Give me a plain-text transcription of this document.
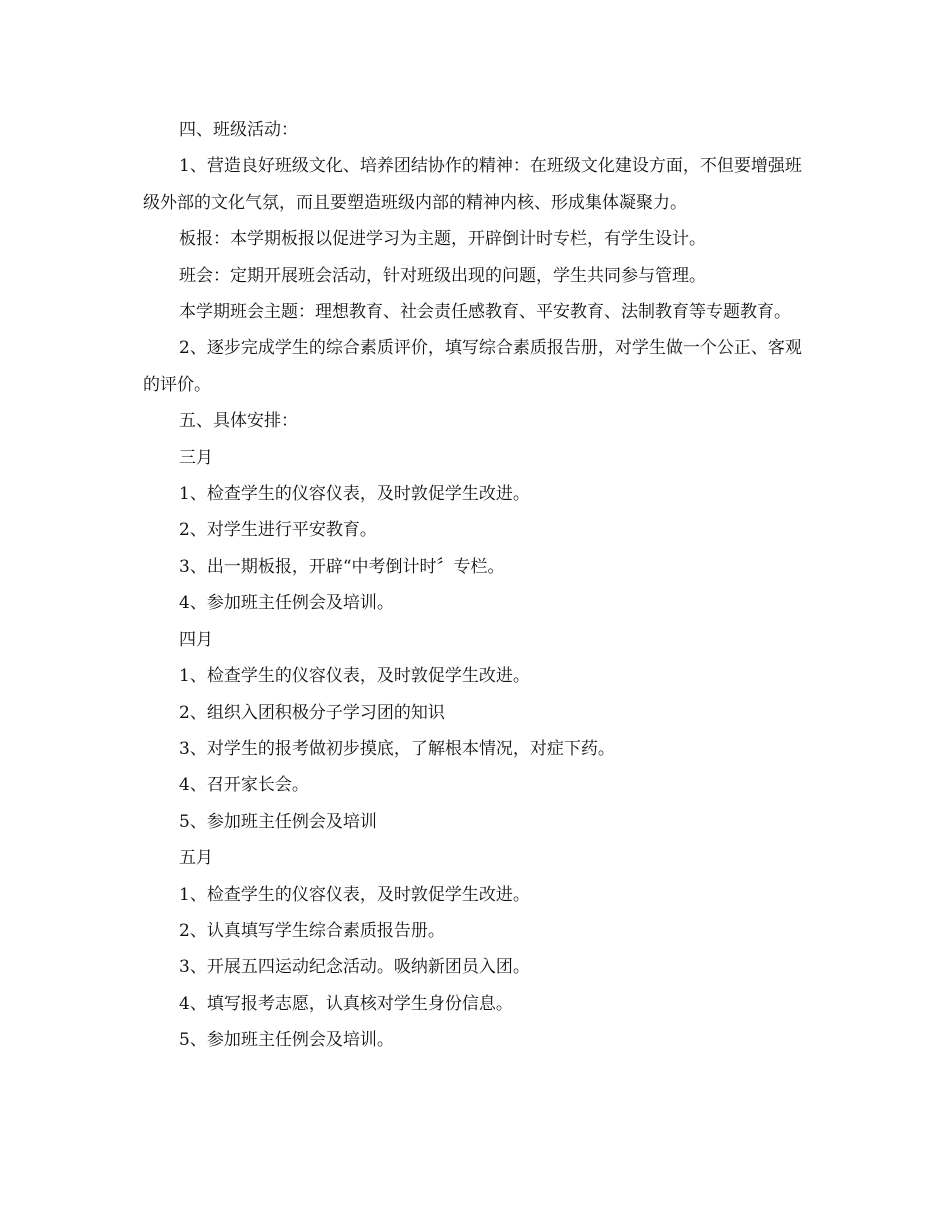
四、班级活动：

1、营造良好班级文化、培养团结协作的精神：在班级文化建设方面，不但要增强班级外部的文化气氛，而且要塑造班级内部的精神内核、形成集体凝聚力。

板报：本学期板报以促进学习为主题，开辟倒计时专栏，有学生设计。

班会：定期开展班会活动，针对班级出现的问题，学生共同参与管理。

本学期班会主题：理想教育、社会责任感教育、平安教育、法制教育等专题教育。

2、逐步完成学生的综合素质评价，填写综合素质报告册，对学生做一个公正、客观的评价。

五、具体安排：

三月

1、检查学生的仪容仪表，及时敦促学生改进。

2、对学生进行平安教育。

3、出一期板报，开辟“中考倒计时〞专栏。

4、参加班主任例会及培训。

四月

1、检查学生的仪容仪表，及时敦促学生改进。

2、组织入团积极分子学习团的知识

3、对学生的报考做初步摸底，了解根本情况，对症下药。

4、召开家长会。

5、参加班主任例会及培训

五月

1、检查学生的仪容仪表，及时敦促学生改进。

2、认真填写学生综合素质报告册。

3、开展五四运动纪念活动。吸纳新团员入团。

4、填写报考志愿，认真核对学生身份信息。

5、参加班主任例会及培训。
